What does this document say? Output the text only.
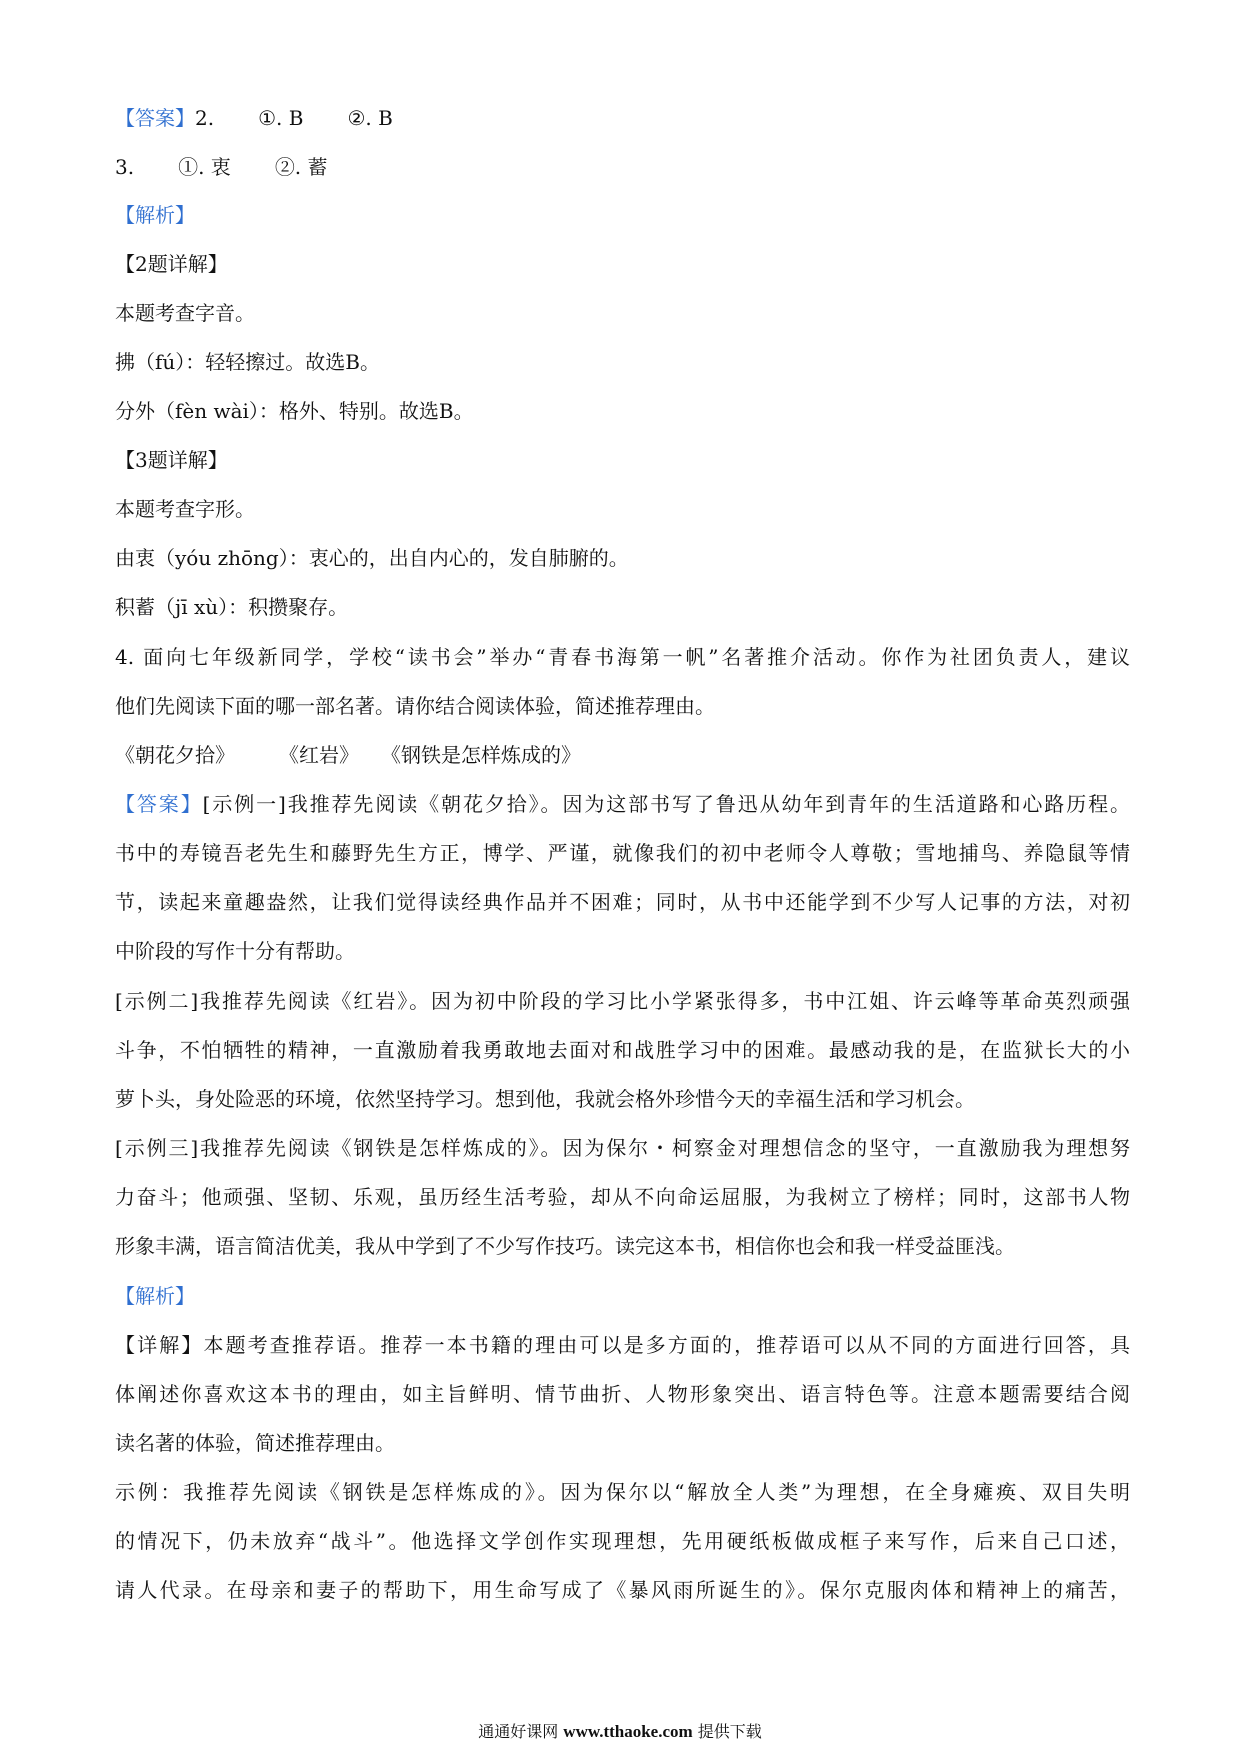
【答案】2. ①. B ②. B
3. ①. 衷 ②. 蓄
【解析】
【2题详解】
本题考查字音。
拂（fú）：轻轻擦过。故选B。
分外（fèn wài）：格外、特别。故选B。
【3题详解】
本题考查字形。
由衷（yóu zhōng）：衷心的，出自内心的，发自肺腑的。
积蓄（jī xù）：积攒聚存。
4. 面向七年级新同学，学校“读书会”举办“青春书海第一帆”名著推介活动。你作为社团负责人，建议
他们先阅读下面的哪一部名著。请你结合阅读体验，简述推荐理由。
《朝花夕拾》 《红岩》 《钢铁是怎样炼成的》
【答案】[示例一]我推荐先阅读《朝花夕拾》。因为这部书写了鲁迅从幼年到青年的生活道路和心路历程。
书中的寿镜吾老先生和藤野先生方正，博学、严谨，就像我们的初中老师令人尊敬；雪地捕鸟、养隐鼠等情
节，读起来童趣盎然，让我们觉得读经典作品并不困难；同时，从书中还能学到不少写人记事的方法，对初
中阶段的写作十分有帮助。
[示例二]我推荐先阅读《红岩》。因为初中阶段的学习比小学紧张得多，书中江姐、许云峰等革命英烈顽强
斗争，不怕牺牲的精神，一直激励着我勇敢地去面对和战胜学习中的困难。最感动我的是，在监狱长大的小
萝卜头，身处险恶的环境，依然坚持学习。想到他，我就会格外珍惜今天的幸福生活和学习机会。
[示例三]我推荐先阅读《钢铁是怎样炼成的》。因为保尔・柯察金对理想信念的坚守，一直激励我为理想努
力奋斗；他顽强、坚韧、乐观，虽历经生活考验，却从不向命运屈服，为我树立了榜样；同时，这部书人物
形象丰满，语言简洁优美，我从中学到了不少写作技巧。读完这本书，相信你也会和我一样受益匪浅。
【解析】
【详解】本题考查推荐语。推荐一本书籍的理由可以是多方面的，推荐语可以从不同的方面进行回答，具
体阐述你喜欢这本书的理由，如主旨鲜明、情节曲折、人物形象突出、语言特色等。注意本题需要结合阅
读名著的体验，简述推荐理由。
示例：我推荐先阅读《钢铁是怎样炼成的》。因为保尔以“解放全人类”为理想，在全身瘫痪、双目失明
的情况下，仍未放弃“战斗”。他选择文学创作实现理想，先用硬纸板做成框子来写作，后来自己口述，
请人代录。在母亲和妻子的帮助下，用生命写成了《暴风雨所诞生的》。保尔克服肉体和精神上的痛苦，
通通好课网 www.tthaoke.com 提供下载
